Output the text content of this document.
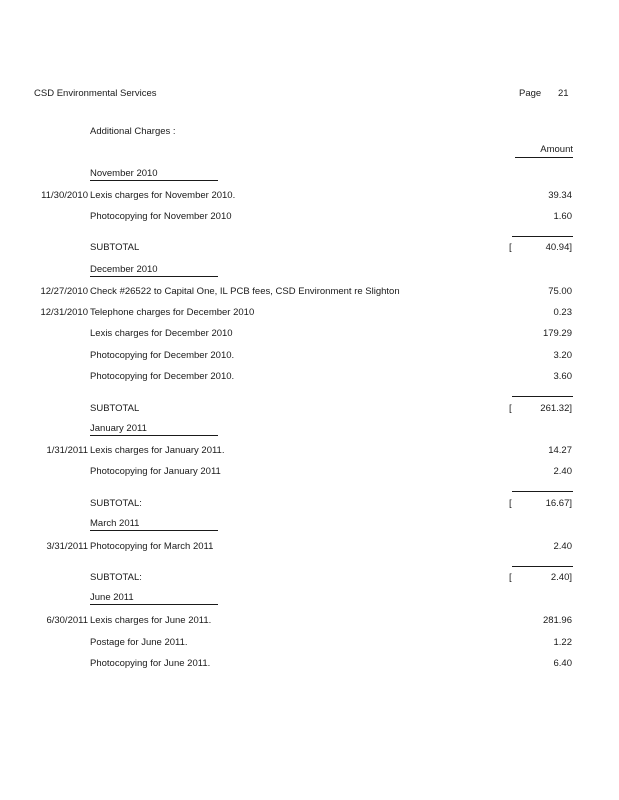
CSD Environmental Services	Page 21
Additional Charges :
Amount
November 2010
11/30/2010 Lexis charges for November 2010.	39.34
Photocopying for November 2010	1.60
SUBTOTAL	[	40.94]
December 2010
12/27/2010 Check #26522 to Capital One, IL PCB fees, CSD Environment re Slighton	75.00
12/31/2010 Telephone charges for December 2010	0.23
Lexis charges for December 2010	179.29
Photocopying for December 2010.	3.20
Photocopying for December 2010.	3.60
SUBTOTAL	[	261.32]
January 2011
1/31/2011 Lexis charges for January 2011.	14.27
Photocopying for January 2011	2.40
SUBTOTAL:	[	16.67]
March 2011
3/31/2011 Photocopying for March 2011	2.40
SUBTOTAL:	[	2.40]
June 2011
6/30/2011 Lexis charges for June 2011.	281.96
Postage for June 2011.	1.22
Photocopying for June 2011.	6.40
